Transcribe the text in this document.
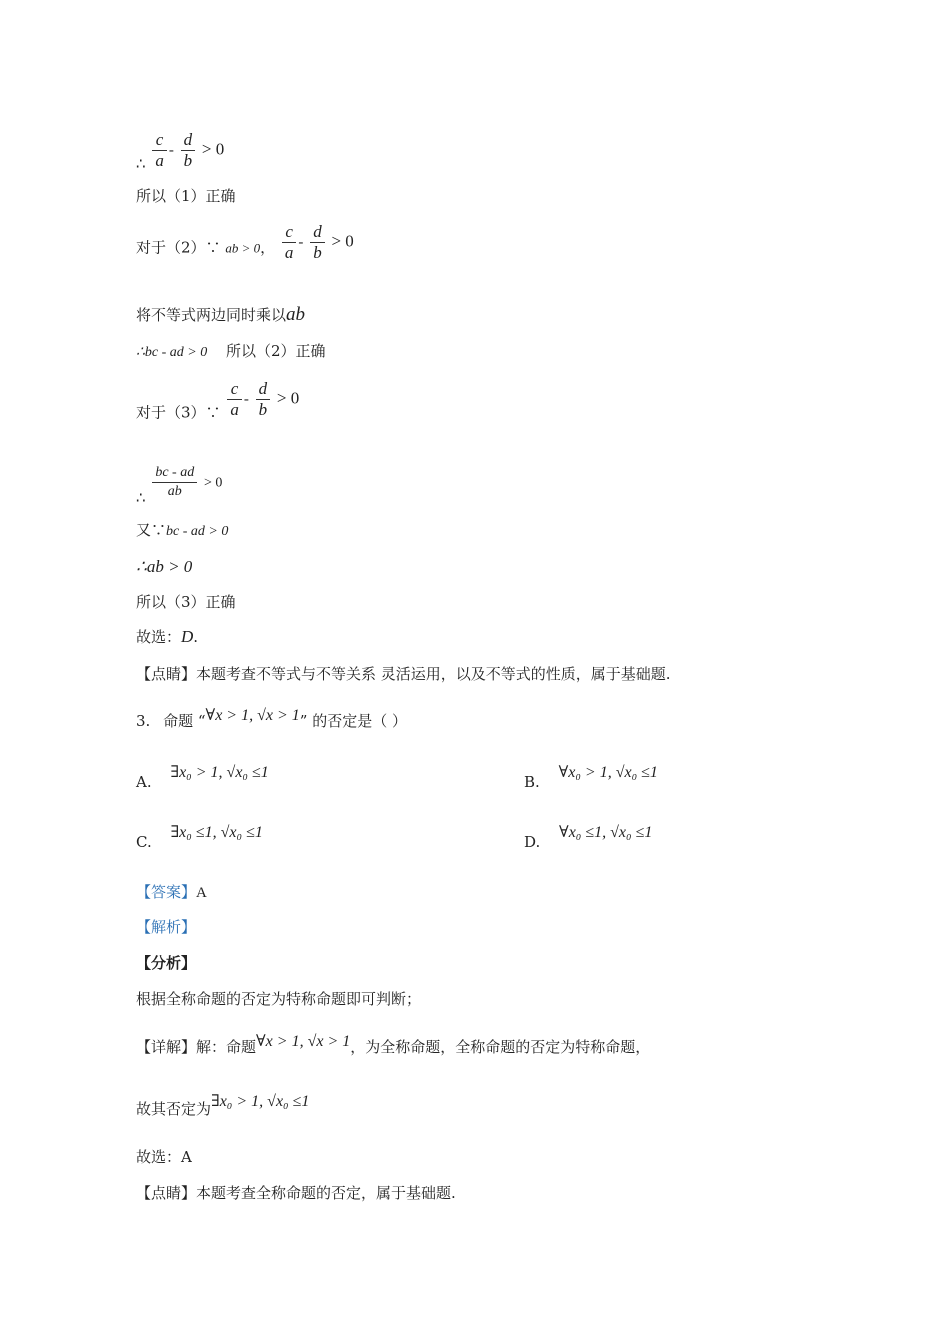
∴ $\frac{c}{a} - \frac{d}{b} > 0$
所以（1）正确
对于（2）∵ ab > 0， $\frac{c}{a} - \frac{d}{b} > 0$
将不等式两边同时乘以ab
∴bc - ad > 0 所以（2）正确
对于（3）∵ $\frac{c}{a} - \frac{d}{b} > 0$
∴ $\frac{bc - ad}{ab} > 0$
又∵bc - ad > 0
∴ab > 0
所以（3）正确
故选：D.
【点睛】本题考查不等式与不等关系 灵活运用，以及不等式的性质，属于基础题.
3. 命题 “∀x > 1, √x > 1” 的否定是（ ）
A. ∃x₀ > 1, √x₀ ≤1
B. ∀x₀ > 1, √x₀ ≤1
C. ∃x₀ ≤1, √x₀ ≤1
D. ∀x₀ ≤1, √x₀ ≤1
【答案】A
【解析】
【分析】
根据全称命题的否定为特称命题即可判断；
【详解】解：命题∀x > 1, √x > 1，为全称命题，全称命题的否定为特称命题，
故其否定为∃x₀ > 1, √x₀ ≤1
故选：A
【点睛】本题考查全称命题的否定，属于基础题.
